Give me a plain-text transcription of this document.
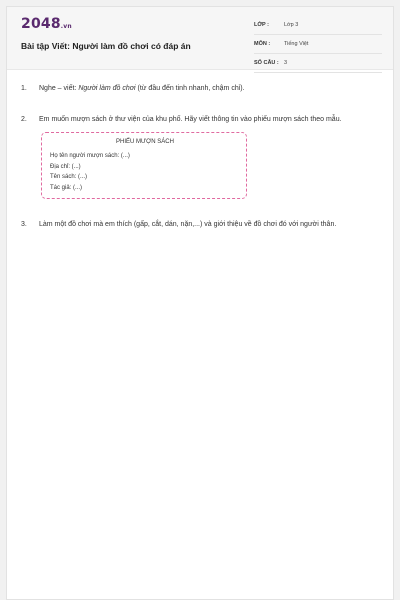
2048.vn
Bài tập Viết: Người làm đồ chơi có đáp án
LỚP :	Lớp 3
MÔN :	Tiếng Việt
SỐ CÂU : 3
1. Nghe – viết: Người làm đồ chơi (từ đầu đến tinh nhanh, chậm chỉ).
2. Em muốn mượn sách ở thư viện của khu phố. Hãy viết thông tin vào phiếu mượn sách theo mẫu.
PHIẾU MƯỢN SÁCH
Họ tên người mượn sách: (...)
Địa chỉ: (...)
Tên sách: (...)
Tác giả: (...)
3. Làm một đồ chơi mà em thích (gấp, cắt, dán, nặn,...) và giới thiệu về đồ chơi đó với người thân.
